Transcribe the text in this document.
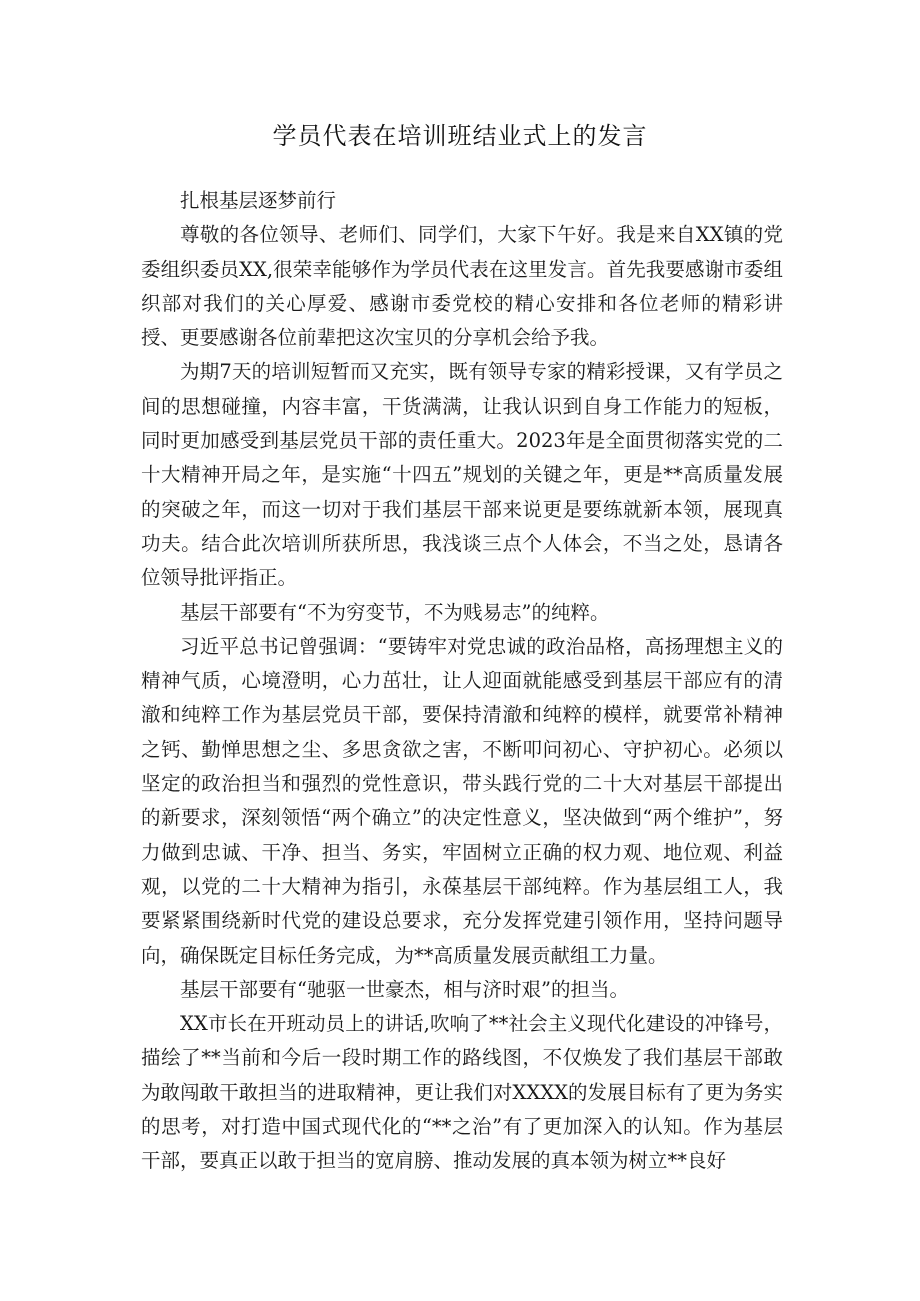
学员代表在培训班结业式上的发言

扎根基层逐梦前行

尊敬的各位领导、老师们、同学们，大家下午好。我是来自XX镇的党委组织委员XX,很荣幸能够作为学员代表在这里发言。首先我要感谢市委组织部对我们的关心厚爱、感谢市委党校的精心安排和各位老师的精彩讲授、更要感谢各位前辈把这次宝贝的分享机会给予我。

为期7天的培训短暂而又充实，既有领导专家的精彩授课，又有学员之间的思想碰撞，内容丰富，干货满满，让我认识到自身工作能力的短板，同时更加感受到基层党员干部的责任重大。2023年是全面贯彻落实党的二十大精神开局之年，是实施“十四五”规划的关键之年，更是**高质量发展的突破之年，而这一切对于我们基层干部来说更是要练就新本领，展现真功夫。结合此次培训所获所思，我浅谈三点个人体会，不当之处，恳请各位领导批评指正。

基层干部要有“不为穷变节，不为贱易志”的纯粹。

习近平总书记曾强调：“要铸牢对党忠诚的政治品格，高扬理想主义的精神气质，心境澄明，心力茁壮，让人迎面就能感受到基层干部应有的清澈和纯粹工作为基层党员干部，要保持清澈和纯粹的模样，就要常补精神之钙、勤惮思想之尘、多思贪欲之害，不断叩问初心、守护初心。必须以坚定的政治担当和强烈的党性意识，带头践行党的二十大对基层干部提出的新要求，深刻领悟“两个确立”的决定性意义，坚决做到“两个维护”，努力做到忠诚、干净、担当、务实，牢固树立正确的权力观、地位观、利益观，以党的二十大精神为指引，永葆基层干部纯粹。作为基层组工人，我要紧紧围绕新时代党的建设总要求，充分发挥党建引领作用，坚持问题导向，确保既定目标任务完成，为**高质量发展贡献组工力量。

基层干部要有“驰驱一世豪杰，相与济时艰”的担当。

XX市长在开班动员上的讲话,吹响了**社会主义现代化建设的冲锋号，描绘了**当前和今后一段时期工作的路线图，不仅焕发了我们基层干部敢为敢闯敢干敢担当的进取精神，更让我们对XXXX的发展目标有了更为务实的思考，对打造中国式现代化的“**之治”有了更加深入的认知。作为基层干部，要真正以敢于担当的宽肩膀、推动发展的真本领为树立**良好
